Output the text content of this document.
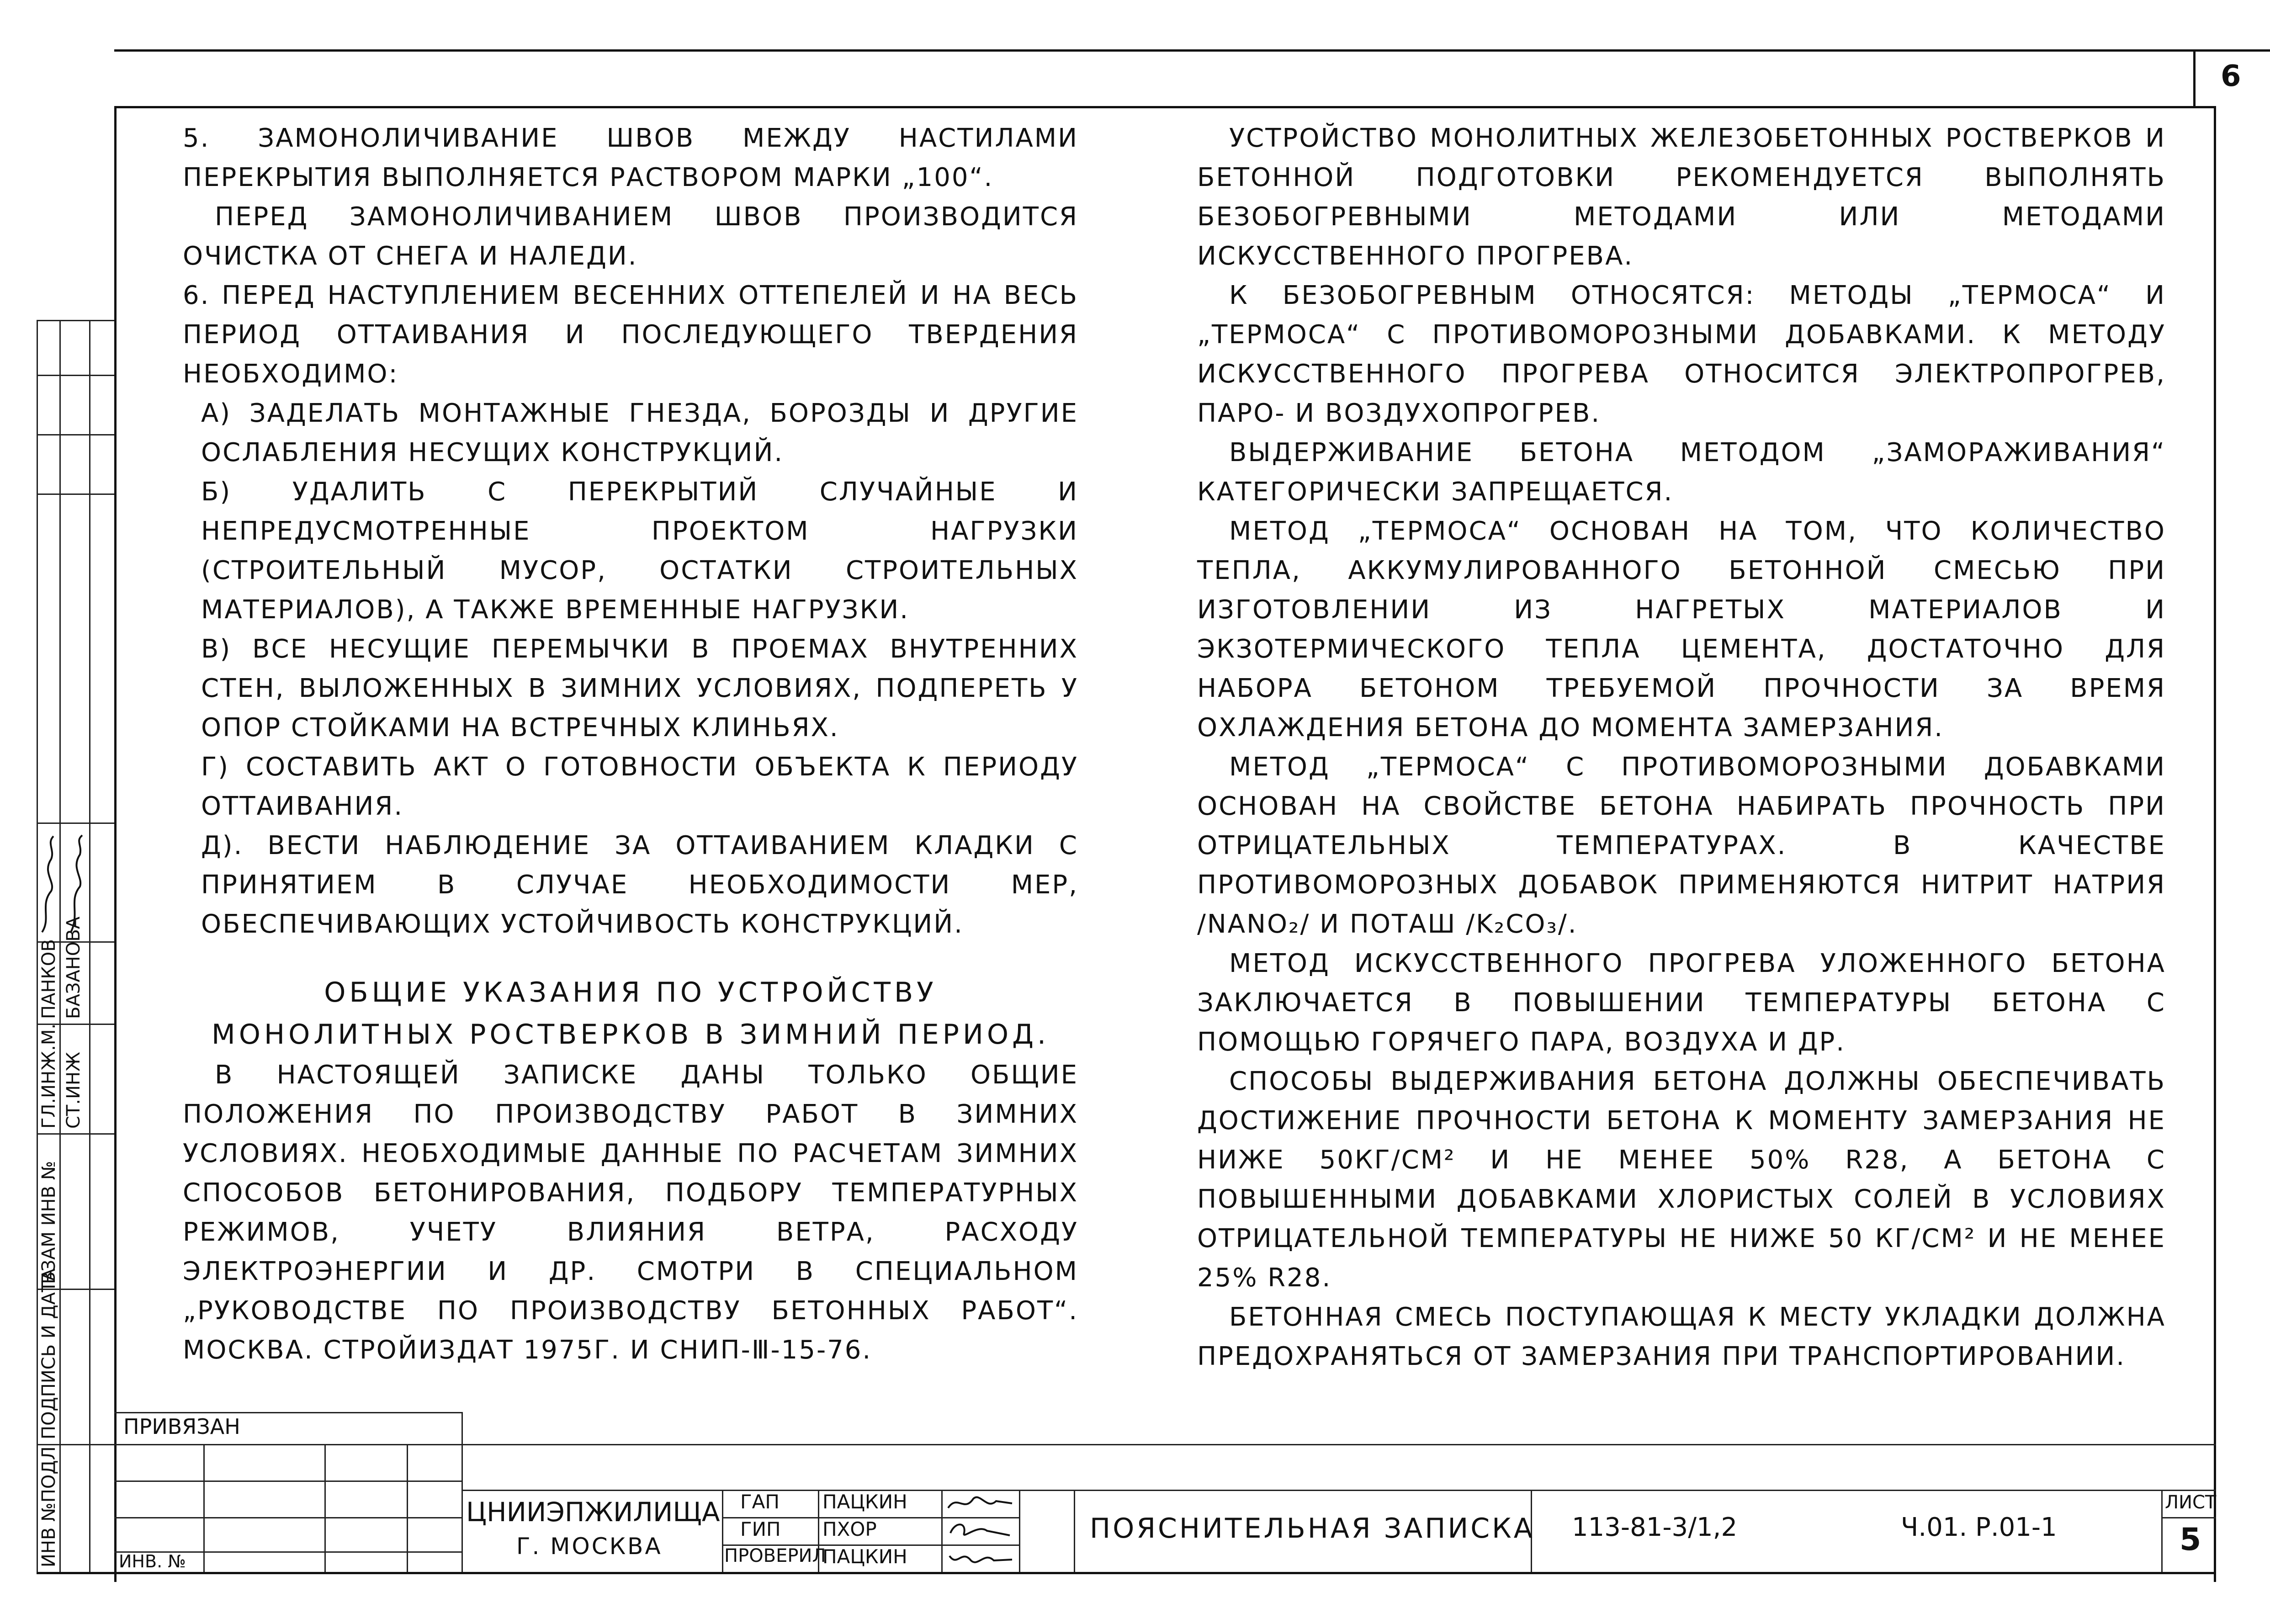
6

5. ЗАМОНОЛИЧИВАНИЕ ШВОВ МЕЖДУ НАСТИЛАМИ ПЕРЕКРЫТИЯ ВЫПОЛНЯЕТСЯ РАСТВОРОМ МАРКИ „100“.

ПЕРЕД ЗАМОНОЛИЧИВАНИЕМ ШВОВ ПРОИЗВОДИТСЯ ОЧИСТКА ОТ СНЕГА И НАЛЕДИ.

6. ПЕРЕД НАСТУПЛЕНИЕМ ВЕСЕННИХ ОТТЕПЕЛЕЙ И НА ВЕСЬ ПЕРИОД ОТТАИВАНИЯ И ПОСЛЕДУЮЩЕГО ТВЕРДЕНИЯ НЕОБХОДИМО:

А) ЗАДЕЛАТЬ МОНТАЖНЫЕ ГНЕЗДА, БОРОЗДЫ И ДРУГИЕ ОСЛАБЛЕНИЯ НЕСУЩИХ КОНСТРУКЦИЙ.

Б) УДАЛИТЬ С ПЕРЕКРЫТИЙ СЛУЧАЙНЫЕ И НЕПРЕДУСМОТРЕННЫЕ ПРОЕКТОМ НАГРУЗКИ (СТРОИТЕЛЬНЫЙ МУСОР, ОСТАТКИ СТРОИТЕЛЬНЫХ МАТЕРИАЛОВ), А ТАКЖЕ ВРЕМЕННЫЕ НАГРУЗКИ.

В) ВСЕ НЕСУЩИЕ ПЕРЕМЫЧКИ В ПРОЕМАХ ВНУТРЕННИХ СТЕН, ВЫЛОЖЕННЫХ В ЗИМНИХ УСЛОВИЯХ, ПОДПЕРЕТЬ У ОПОР СТОЙКАМИ НА ВСТРЕЧНЫХ КЛИНЬЯХ.

Г) СОСТАВИТЬ АКТ О ГОТОВНОСТИ ОБЪЕКТА К ПЕРИОДУ ОТТАИВАНИЯ.

Д). ВЕСТИ НАБЛЮДЕНИЕ ЗА ОТТАИВАНИЕМ КЛАДКИ С ПРИНЯТИЕМ В СЛУЧАЕ НЕОБХОДИМОСТИ МЕР, ОБЕСПЕЧИВАЮЩИХ УСТОЙЧИВОСТЬ КОНСТРУКЦИЙ.

ОБЩИЕ УКАЗАНИЯ ПО УСТРОЙСТВУ
МОНОЛИТНЫХ РОСТВЕРКОВ В ЗИМНИЙ ПЕРИОД.

В НАСТОЯЩЕЙ ЗАПИСКЕ ДАНЫ ТОЛЬКО ОБЩИЕ ПОЛОЖЕНИЯ ПО ПРОИЗВОДСТВУ РАБОТ В ЗИМНИХ УСЛОВИЯХ. НЕОБХОДИМЫЕ ДАННЫЕ ПО РАСЧЕТАМ ЗИМНИХ СПОСОБОВ БЕТОНИРОВАНИЯ, ПОДБОРУ ТЕМПЕРАТУРНЫХ РЕЖИМОВ, УЧЕТУ ВЛИЯНИЯ ВЕТРА, РАСХОДУ ЭЛЕКТРОЭНЕРГИИ И ДР. СМОТРИ В СПЕЦИАЛЬНОМ „РУКОВОДСТВЕ ПО ПРОИЗВОДСТВУ БЕТОННЫХ РАБОТ“. МОСКВА. СТРОЙИЗДАТ 1975Г. И СНИП-Ⅲ-15-76.

УСТРОЙСТВО МОНОЛИТНЫХ ЖЕЛЕЗОБЕТОННЫХ РОСТВЕРКОВ И БЕТОННОЙ ПОДГОТОВКИ РЕКОМЕНДУЕТСЯ ВЫПОЛНЯТЬ БЕЗОБОГРЕВНЫМИ МЕТОДАМИ ИЛИ МЕТОДАМИ ИСКУССТВЕННОГО ПРОГРЕВА.

К БЕЗОБОГРЕВНЫМ ОТНОСЯТСЯ: МЕТОДЫ „ТЕРМОСА“ И „ТЕРМОСА“ С ПРОТИВОМОРОЗНЫМИ ДОБАВКАМИ. К МЕТОДУ ИСКУССТВЕННОГО ПРОГРЕВА ОТНОСИТСЯ ЭЛЕКТРОПРОГРЕВ, ПАРО- И ВОЗДУХОПРОГРЕВ.

ВЫДЕРЖИВАНИЕ БЕТОНА МЕТОДОМ „ЗАМОРАЖИВАНИЯ“ КАТЕГОРИЧЕСКИ ЗАПРЕЩАЕТСЯ.

МЕТОД „ТЕРМОСА“ ОСНОВАН НА ТОМ, ЧТО КОЛИЧЕСТВО ТЕПЛА, АККУМУЛИРОВАННОГО БЕТОННОЙ СМЕСЬЮ ПРИ ИЗГОТОВЛЕНИИ ИЗ НАГРЕТЫХ МАТЕРИАЛОВ И ЭКЗОТЕРМИЧЕСКОГО ТЕПЛА ЦЕМЕНТА, ДОСТАТОЧНО ДЛЯ НАБОРА БЕТОНОМ ТРЕБУЕМОЙ ПРОЧНОСТИ ЗА ВРЕМЯ ОХЛАЖДЕНИЯ БЕТОНА ДО МОМЕНТА ЗАМЕРЗАНИЯ.

МЕТОД „ТЕРМОСА“ С ПРОТИВОМОРОЗНЫМИ ДОБАВКАМИ ОСНОВАН НА СВОЙСТВЕ БЕТОНА НАБИРАТЬ ПРОЧНОСТЬ ПРИ ОТРИЦАТЕЛЬНЫХ ТЕМПЕРАТУРАХ. В КАЧЕСТВЕ ПРОТИВОМОРОЗНЫХ ДОБАВОК ПРИМЕНЯЮТСЯ НИТРИТ НАТРИЯ /NANO₂/ И ПОТАШ /K₂CO₃/.

МЕТОД ИСКУССТВЕННОГО ПРОГРЕВА УЛОЖЕННОГО БЕТОНА ЗАКЛЮЧАЕТСЯ В ПОВЫШЕНИИ ТЕМПЕРАТУРЫ БЕТОНА С ПОМОЩЬЮ ГОРЯЧЕГО ПАРА, ВОЗДУХА И ДР.

СПОСОБЫ ВЫДЕРЖИВАНИЯ БЕТОНА ДОЛЖНЫ ОБЕСПЕЧИВАТЬ ДОСТИЖЕНИЕ ПРОЧНОСТИ БЕТОНА К МОМЕНТУ ЗАМЕРЗАНИЯ НЕ НИЖЕ 50КГ/СМ² И НЕ МЕНЕЕ 50% R28, А БЕТОНА С ПОВЫШЕННЫМИ ДОБАВКАМИ ХЛОРИСТЫХ СОЛЕЙ В УСЛОВИЯХ ОТРИЦАТЕЛЬНОЙ ТЕМПЕРАТУРЫ НЕ НИЖЕ 50 КГ/СМ² И НЕ МЕНЕЕ 25% R28.

БЕТОННАЯ СМЕСЬ ПОСТУПАЮЩАЯ К МЕСТУ УКЛАДКИ ДОЛЖНА ПРЕДОХРАНЯТЬСЯ ОТ ЗАМЕРЗАНИЯ ПРИ ТРАНСПОРТИРОВАНИИ.

ИНВ №ПОДЛ
ПОДПИСЬ И ДАТА
ВЗАМ ИНВ №
ГЛ.ИНЖ.М. СТ.ИНЖ
ПАНКОВ БАЗАНОВА
ПРИВЯЗАН
ИНВ. №
ЦНИИЭПЖИЛИЩА
Г. МОСКВА
ГАП
ГИП
ПРОВЕРИЛ
ПАЦКИН
ПХОР
ПАЦКИН
ПОЯСНИТЕЛЬНАЯ ЗАПИСКА 113-81-3/1,2	Ч.01. Р.01-1
ЛИСТ
5
